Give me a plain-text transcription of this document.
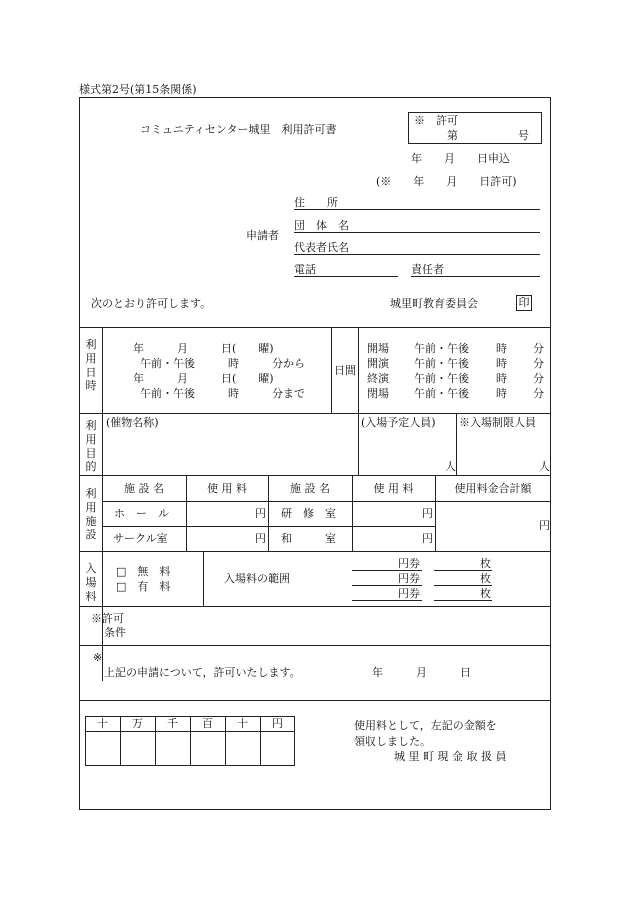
様式第2号(第15条関係)
コミュニティセンター城里　利用許可書
※　許可
第	号
年　　月　　日申込
(※　　年　　月　　日許可)
申請者
住　　所
団　体　名
代表者氏名
電話	責任者
次のとおり許可します。	城里町教育委員会	印
利
用
日
時
年　　　月　　　日(　　曜)
午前・午後　　　時　　　分から
年　　　月　　　日(　　曜)
午前・午後　　　時　　　分まで
日間
開場 午前・午後 時 分
開演 午前・午後 時 分
終演 午前・午後 時 分
閉場 午前・午後 時 分
利
用
目
的
(催物名称)	(入場予定人員) ※入場制限人員
人	人
利
用
施
設
施 設 名	使 用 料	施 設 名	使 用 料	使用料金合計額
ホ　ー　ル	円 研　修　室	円
サークル室	円 和　　　室	円
円
入
場
料
□　無　料
□　有　料
入場料の範囲
円券	枚
円券	枚
円券	枚
※許可
条件
※
上記の申請について，許可いたします。	年　　　月　　　日
十	万	千	百	十	円	使用料として，左記の金額を
領収しました。
城 里 町 現 金 取 扱 員
